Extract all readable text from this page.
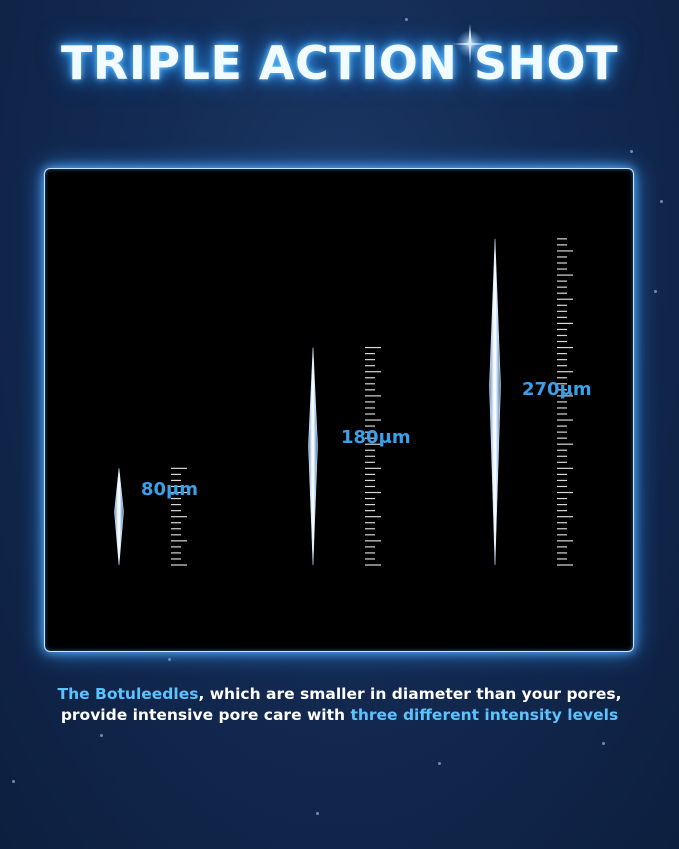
TRIPLE ACTION SHOT
80μm
180μm
270μm
The Botuleedles, which are smaller in diameter than your pores,
provide intensive pore care with three different intensity levels
